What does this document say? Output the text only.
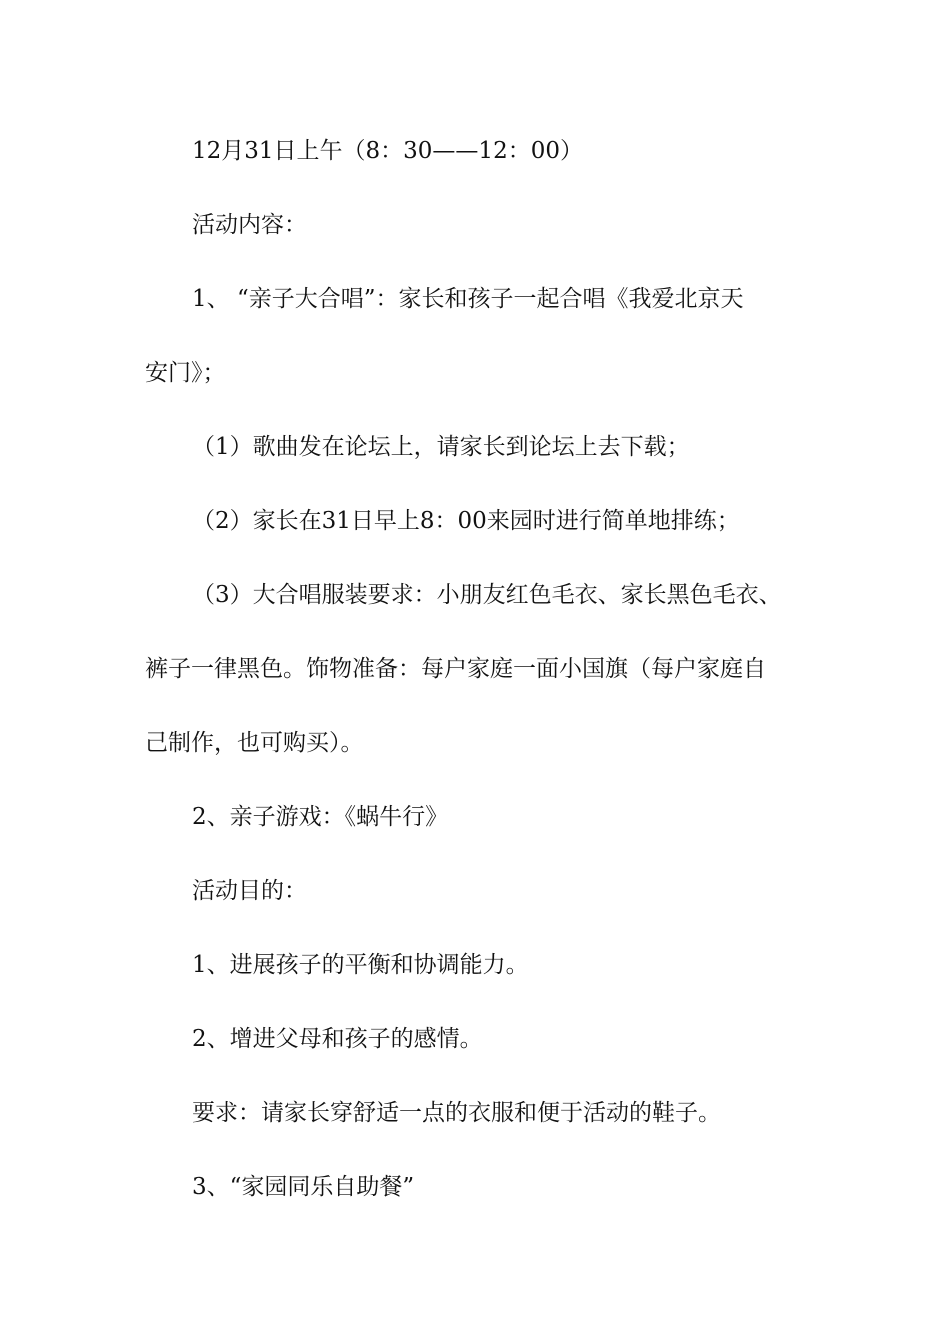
12月31日上午（8：30——12：00）
活动内容：
1、 “亲子大合唱”：家长和孩子一起合唱《我爱北京天
安门》；
（1）歌曲发在论坛上，请家长到论坛上去下载；
（2）家长在31日早上8：00来园时进行简单地排练；
（3）大合唱服装要求：小朋友红色毛衣、家长黑色毛衣、
裤子一律黑色。饰物准备：每户家庭一面小国旗（每户家庭自
己制作，也可购买）。
2、亲子游戏：《蜗牛行》
活动目的：
1、进展孩子的平衡和协调能力。
2、增进父母和孩子的感情。
要求：请家长穿舒适一点的衣服和便于活动的鞋子。
3、“家园同乐自助餐”
